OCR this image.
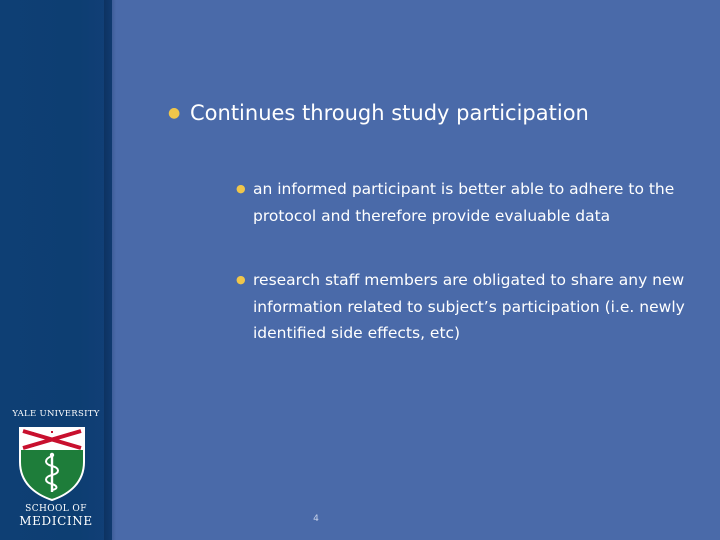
YALE UNIVERSITY
SCHOOL OF
MEDICINE
● Continues through study participation
● an informed participant is better able to adhere to the protocol and therefore provide evaluable data
● research staff members are obligated to share any new information related to subject’s participation (i.e. newly identified side effects, etc)
4
